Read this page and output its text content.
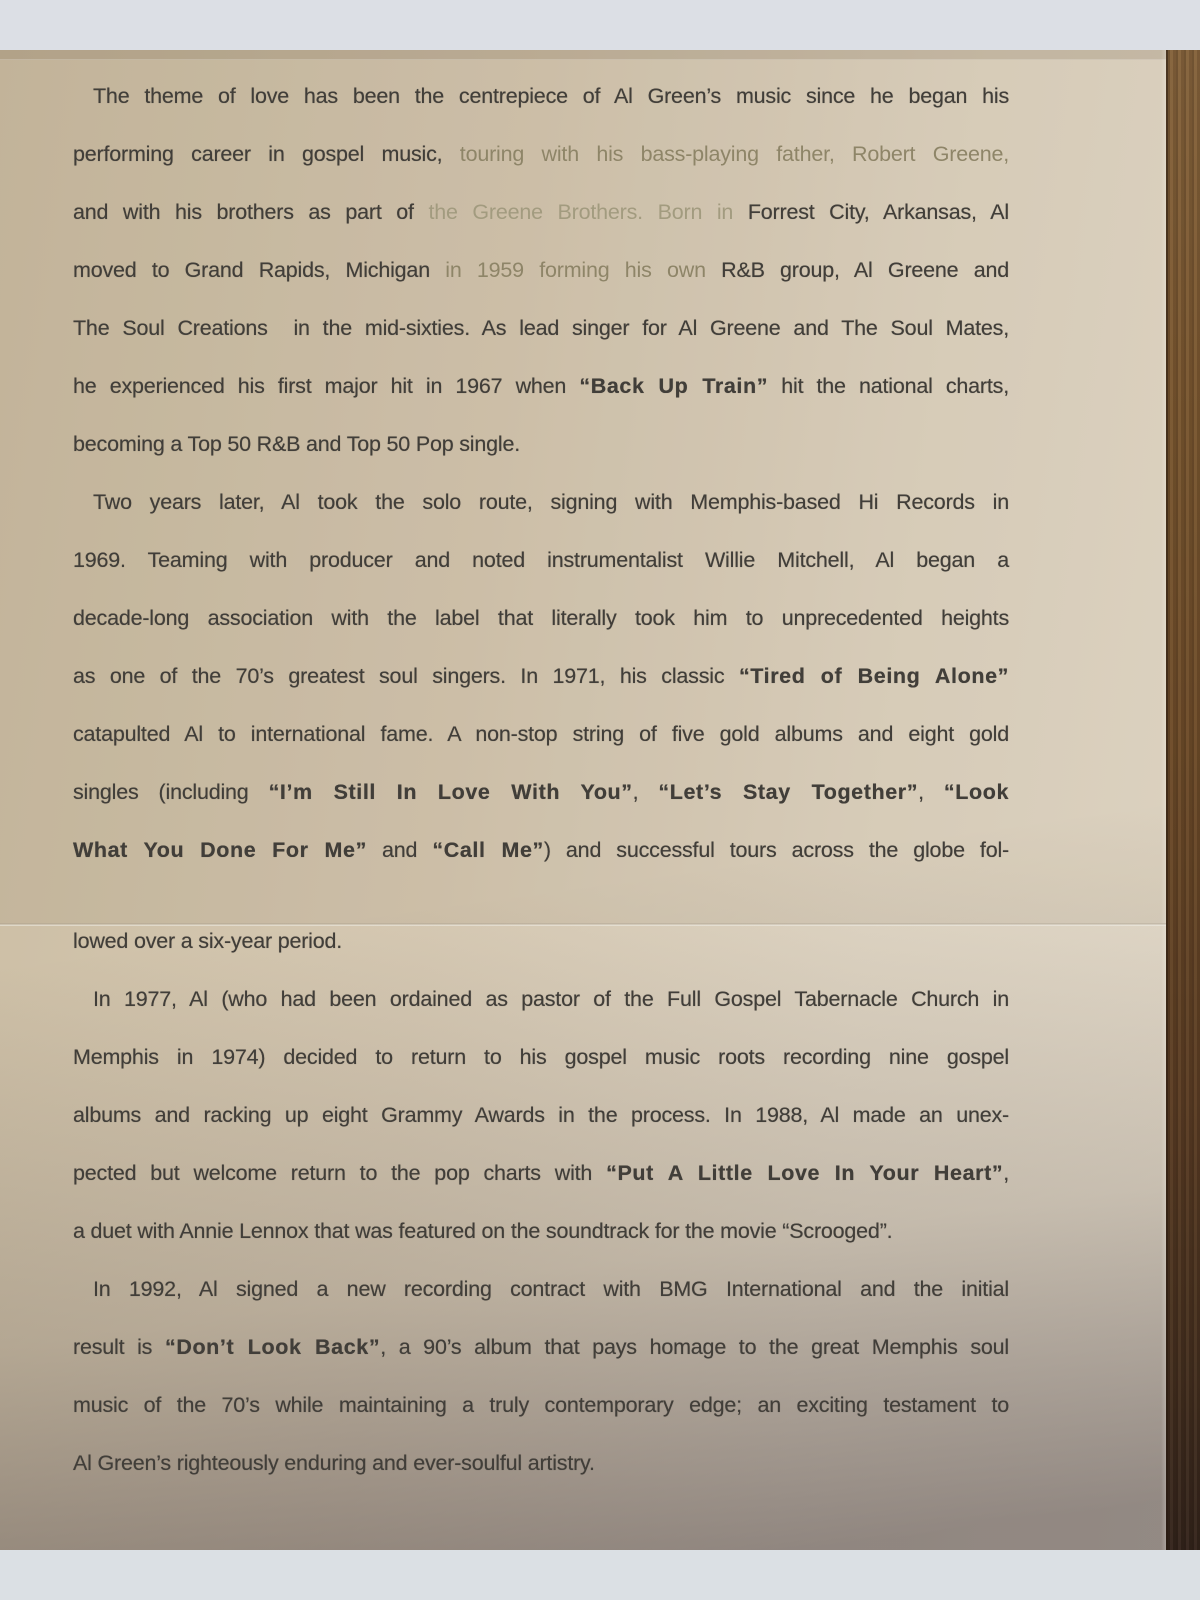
The theme of love has been the centrepiece of Al Green’s music since he began his
performing career in gospel music, touring with his bass-playing father, Robert Greene,
and with his brothers as part of the Greene Brothers. Born in Forrest City, Arkansas, Al
moved to Grand Rapids, Michigan in 1959 forming his own R&B group, Al Greene and
The Soul Creations  in the mid-sixties. As lead singer for Al Greene and The Soul Mates,
he experienced his first major hit in 1967 when “Back Up Train” hit the national charts,
becoming a Top 50 R&B and Top 50 Pop single.
Two years later, Al took the solo route, signing with Memphis-based Hi Records in
1969. Teaming with producer and noted instrumentalist Willie Mitchell, Al began a
decade-long association with the label that literally took him to unprecedented heights
as one of the 70’s greatest soul singers. In 1971, his classic “Tired of Being Alone”
catapulted Al to international fame. A non-stop string of five gold albums and eight gold
singles (including “I’m Still In Love With You”, “Let’s Stay Together”, “Look
What You Done For Me” and “Call Me”) and successful tours across the globe fol-
lowed over a six-year period.
In 1977, Al (who had been ordained as pastor of the Full Gospel Tabernacle Church in
Memphis in 1974) decided to return to his gospel music roots recording nine gospel
albums and racking up eight Grammy Awards in the process. In 1988, Al made an unex-
pected but welcome return to the pop charts with “Put A Little Love In Your Heart”,
a duet with Annie Lennox that was featured on the soundtrack for the movie “Scrooged”.
In 1992, Al signed a new recording contract with BMG International and the initial
result is “Don’t Look Back”, a 90’s album that pays homage to the great Memphis soul
music of the 70’s while maintaining a truly contemporary edge; an exciting testament to
Al Green’s righteously enduring and ever-soulful artistry.
